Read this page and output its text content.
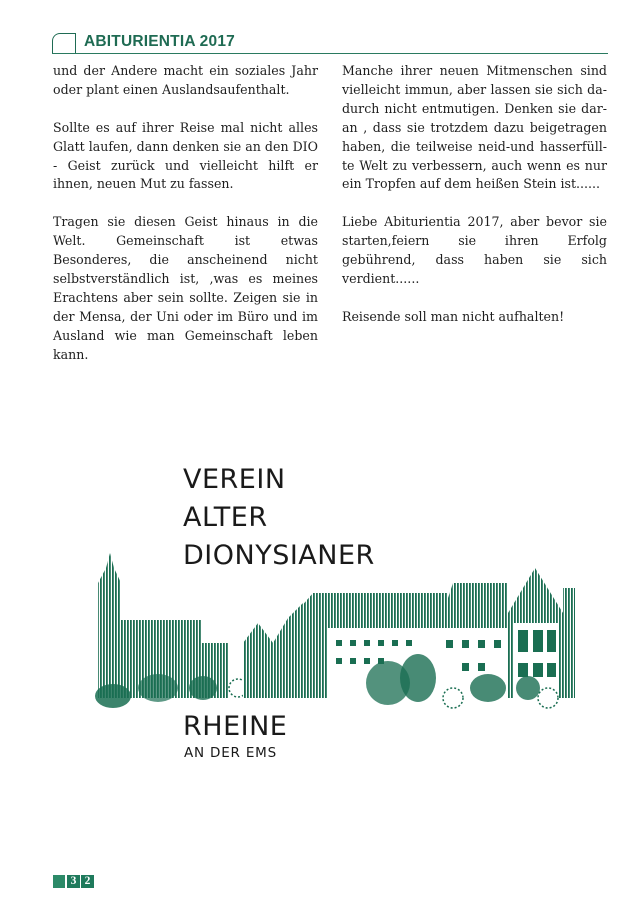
ABITURIENTIA 2017

und der Andere macht ein soziales Jahr oder plant einen Auslandsaufenthalt.

Sollte es auf ihrer Reise mal nicht alles Glatt laufen, dann denken sie an den DIO - Geist zurück und vielleicht hilft er ihnen, neuen Mut zu fassen.

Tragen sie diesen Geist hinaus in die Welt. Gemeinschaft ist etwas Besonderes, die anscheinend nicht selbstverständlich ist, ,was es meines Erachtens aber sein sollte. Zeigen sie in der Mensa, der Uni oder im Büro und im Ausland wie man Gemeinschaft leben kann.

Manche ihrer neuen Mitmenschen sind vielleicht immun, aber lassen sie sich da-durch nicht entmutigen. Denken sie dar-an , dass sie trotzdem dazu beigetragen haben, die teilweise neid-und hasserfüll-te Welt zu verbessern, auch wenn es nur ein Tropfen auf dem heißen Stein ist......

Liebe Abiturientia 2017, aber bevor sie starten,feiern sie ihren Erfolg gebührend, dass haben sie sich verdient......

Reisende soll man nicht aufhalten!

VEREIN
ALTER
DIONYSIANER
RHEINE
AN DER EMS
3 2
